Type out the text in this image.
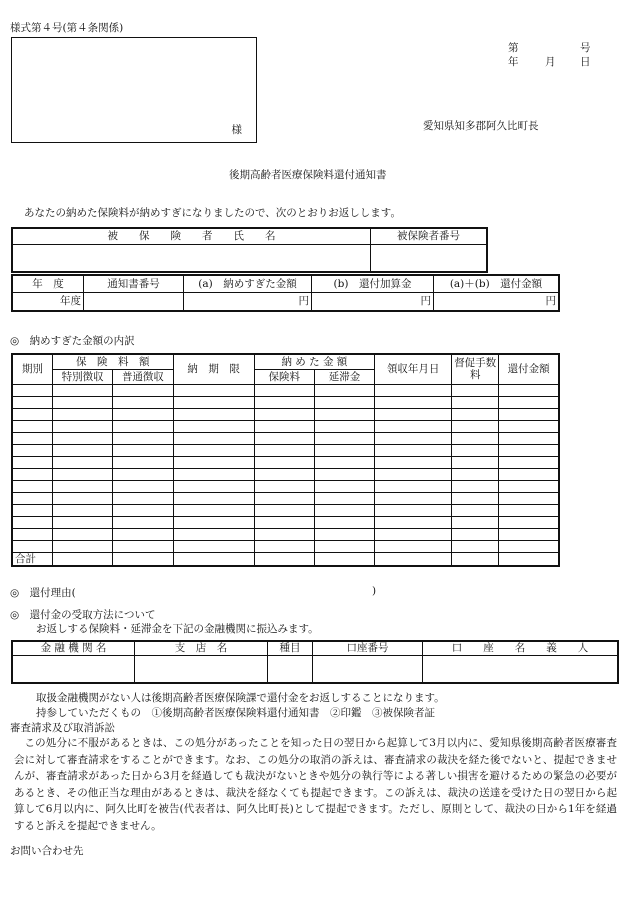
様式第４号(第４条関係)
様
第	号
年	月 日
愛知県知多郡阿久比町長
後期高齢者医療保険料還付通知書
あなたの納めた保険料が納めすぎになりましたので、次のとおりお返しします。
被　　保　　険　　者　　氏　　名	被保険者番号

年　度	通知書番号	(a)　納めすぎた金額	(b)　還付加算金	(a)＋(b)　還付金額
年度		円	円	円
◎　納めすぎた金額の内訳
期別	保　険　料　額		納　期　限	納 め た 金 額		領収年月日	督促手数料	還付金額
	特別徴収	普通徴収		保険料	延滞金			

合計								
◎　還付理由(	)
◎　還付金の受取方法について
お返しする保険料・延滞金を下記の金融機関に振込みます。
金 融 機 関 名	支　店　名	種目	口座番号	口　　座　　名　　義　　人

取扱金融機関がない人は後期高齢者医療保険課で還付金をお返しすることになります。
持参していただくもの　①後期高齢者医療保険料還付通知書　②印鑑　③被保険者証
審査請求及び取消訴訟
この処分に不服があるときは、この処分があったことを知った日の翌日から起算して3月以内に、愛知県後期高齢者医療審査会に対して審査請求をすることができます。なお、この処分の取消の訴えは、審査請求の裁決を経た後でないと、提起できませんが、審査請求があった日から3月を経過しても裁決がないときや処分の執行等による著しい損害を避けるための緊急の必要があるとき、その他正当な理由があるときは、裁決を経なくても提起できます。この訴えは、裁決の送達を受けた日の翌日から起算して6月以内に、阿久比町を被告(代表者は、阿久比町長)として提起できます。ただし、原則として、裁決の日から1年を経過すると訴えを提起できません。
お問い合わせ先
